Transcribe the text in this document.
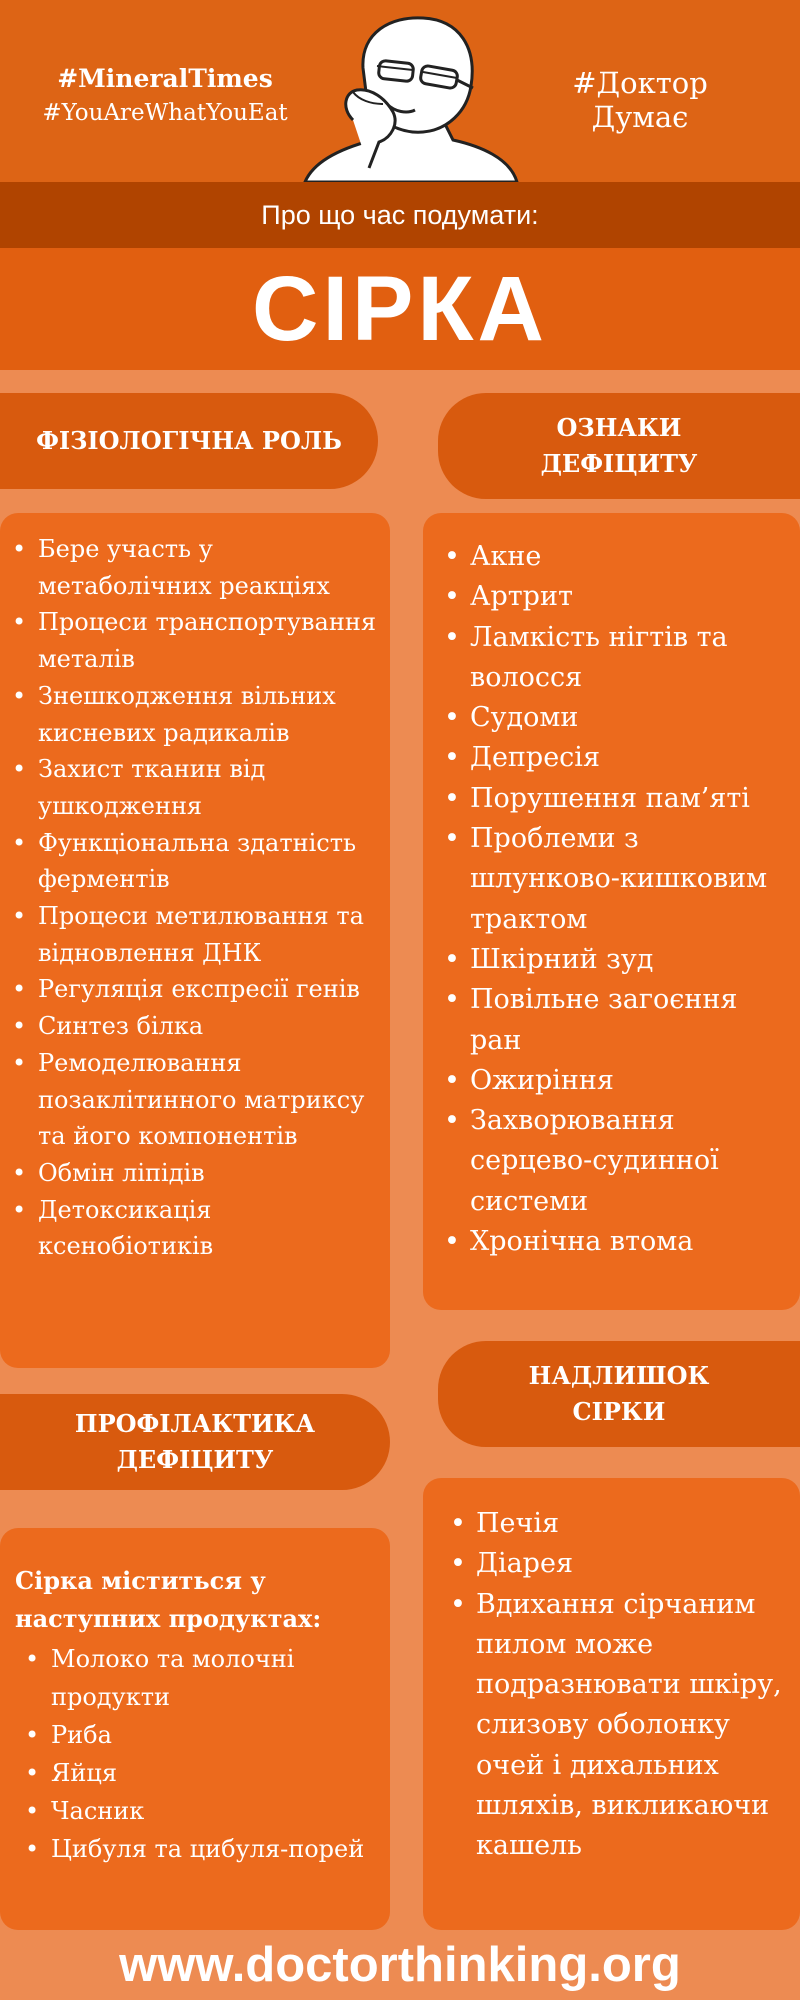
#MineralTimes
#YouAreWhatYouEat
#Доктор
Думає
Про що час подумати:
СІРКА
ФІЗІОЛОГІЧНА РОЛЬ
• Бере участь у метаболічних реакціях
• Процеси транспортування металів
• Знешкодження вільних кисневих радикалів
• Захист тканин від ушкодження
• Функціональна здатність ферментів
• Процеси метилювання та відновлення ДНК
• Регуляція експресії генів
• Синтез білка
• Ремоделювання позаклітинного матриксу та його компонентів
• Обмін ліпідів
• Детоксикація ксенобіотиків
ОЗНАКИ
ДЕФІЦИТУ
• Акне
• Артрит
• Ламкість нігтів та волосся
• Судоми
• Депресія
• Порушення пам’яті
• Проблеми з шлунково-кишковим трактом
• Шкірний зуд
• Повільне загоєння ран
• Ожиріння
• Захворювання серцево-судинної системи
• Хронічна втома
НАДЛИШОК
СІРКИ
• Печія
• Діарея
• Вдихання сірчаним пилом може подразнювати шкіру, слизову оболонку очей і дихальних шляхів, викликаючи кашель
ПРОФІЛАКТИКА
ДЕФІЦИТУ
Сірка міститься у наступних продуктах:
• Молоко та молочні продукти
• Риба
• Яйця
• Часник
• Цибуля та цибуля-порей
www.doctorthinking.org
